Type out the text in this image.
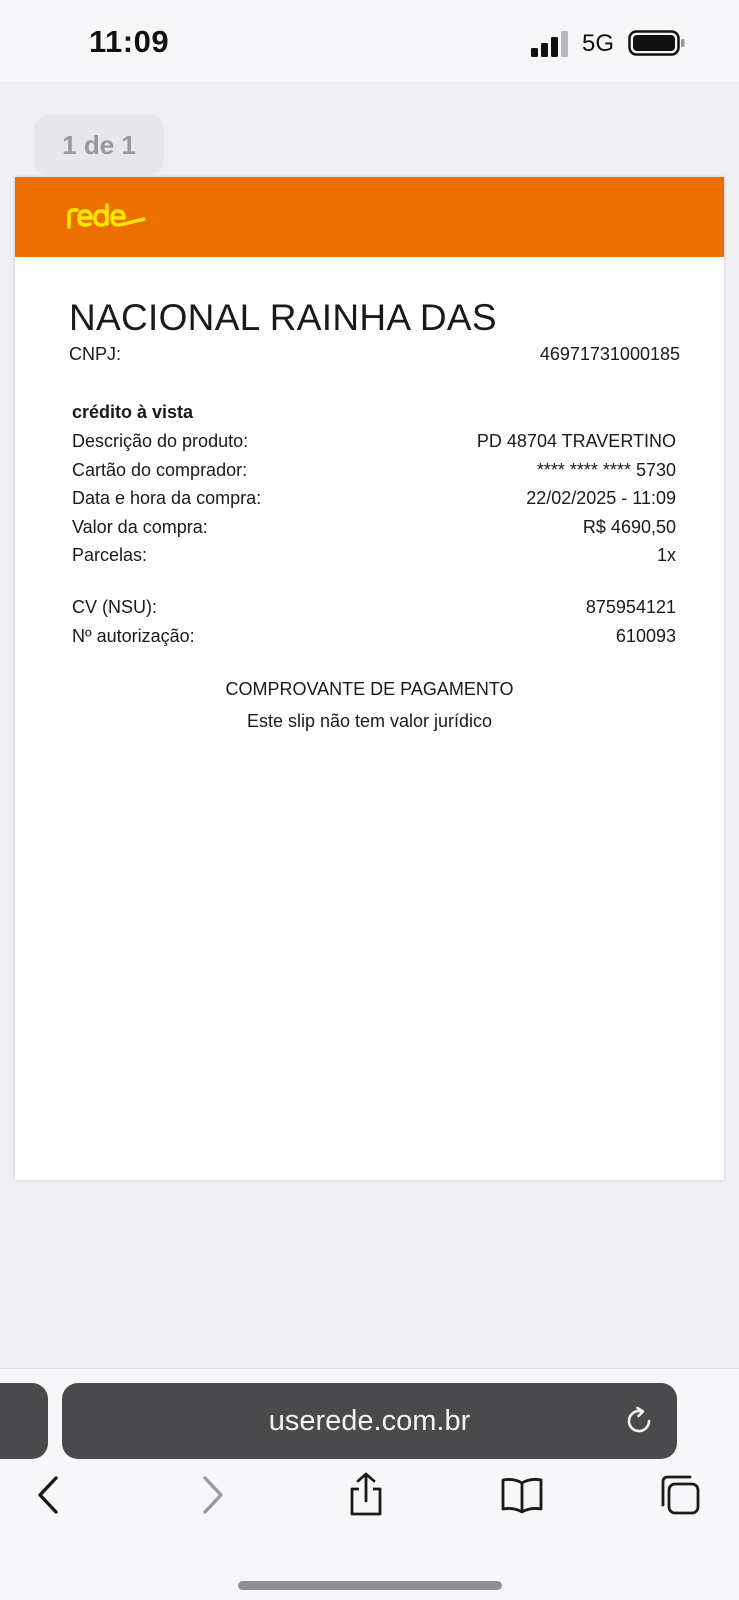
11:09	5G
1 de 1
NACIONAL RAINHA DAS
CNPJ:	46971731000185
crédito à vista
Descrição do produto:	PD 48704 TRAVERTINO
Cartão do comprador:	**** **** **** 5730
Data e hora da compra:	22/02/2025 - 11:09
Valor da compra:	R$ 4690,50
Parcelas:	1x
CV (NSU):	875954121
Nº autorização:	610093
COMPROVANTE DE PAGAMENTO
Este slip não tem valor jurídico
userede.com.br
